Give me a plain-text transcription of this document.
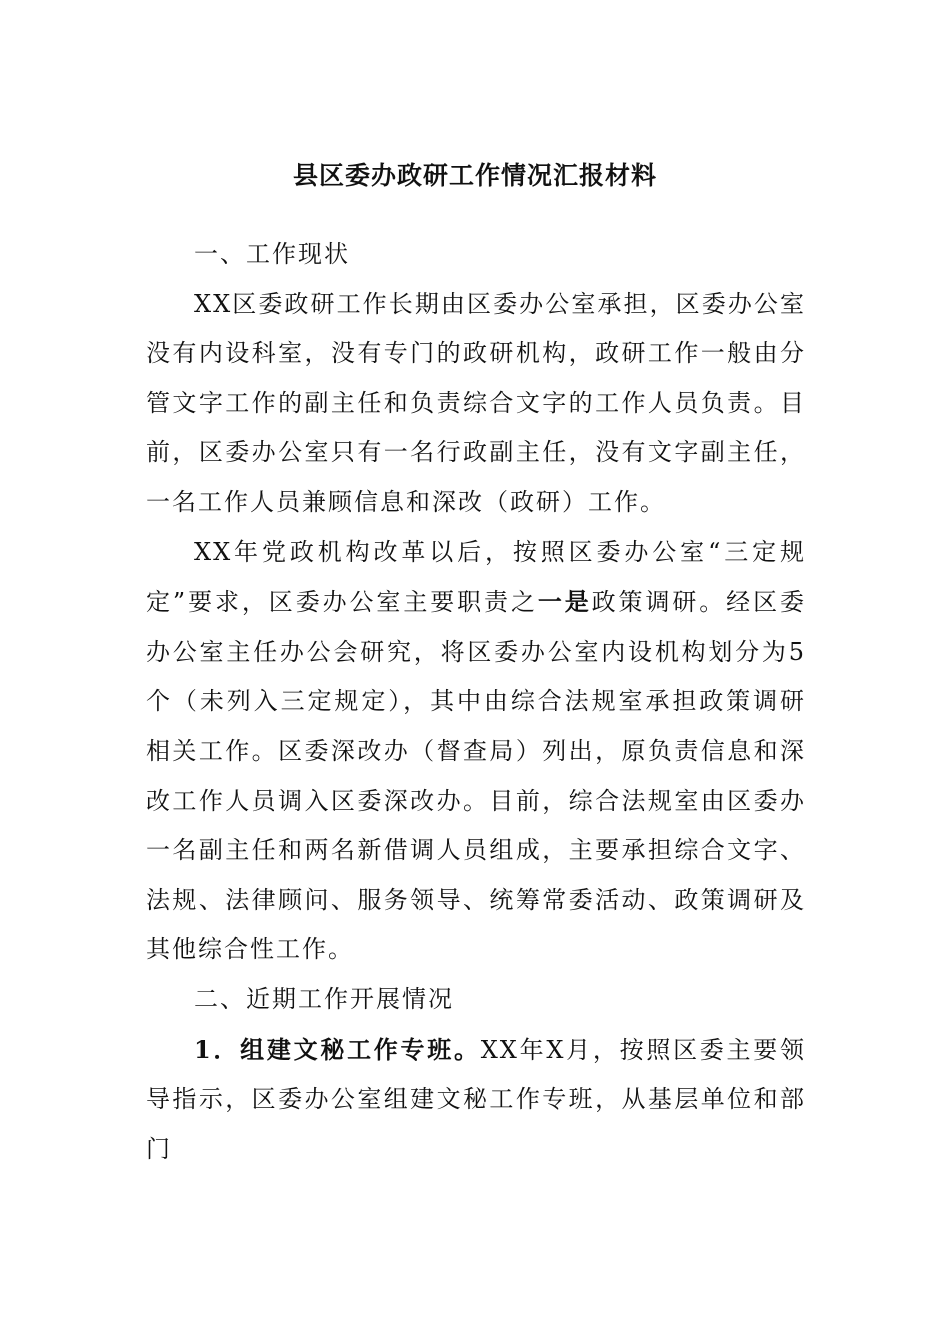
县区委办政研工作情况汇报材料

一、工作现状

XX区委政研工作长期由区委办公室承担，区委办公室没有内设科室，没有专门的政研机构，政研工作一般由分管文字工作的副主任和负责综合文字的工作人员负责。目前，区委办公室只有一名行政副主任，没有文字副主任，一名工作人员兼顾信息和深改（政研）工作。

XX年党政机构改革以后，按照区委办公室“三定规定”要求，区委办公室主要职责之一是政策调研。经区委办公室主任办公会研究，将区委办公室内设机构划分为5个（未列入三定规定），其中由综合法规室承担政策调研相关工作。区委深改办（督查局）列出，原负责信息和深改工作人员调入区委深改办。目前，综合法规室由区委办一名副主任和两名新借调人员组成，主要承担综合文字、法规、法律顾问、服务领导、统筹常委活动、政策调研及其他综合性工作。

二、近期工作开展情况

1．组建文秘工作专班。XX年X月，按照区委主要领导指示，区委办公室组建文秘工作专班，从基层单位和部门
